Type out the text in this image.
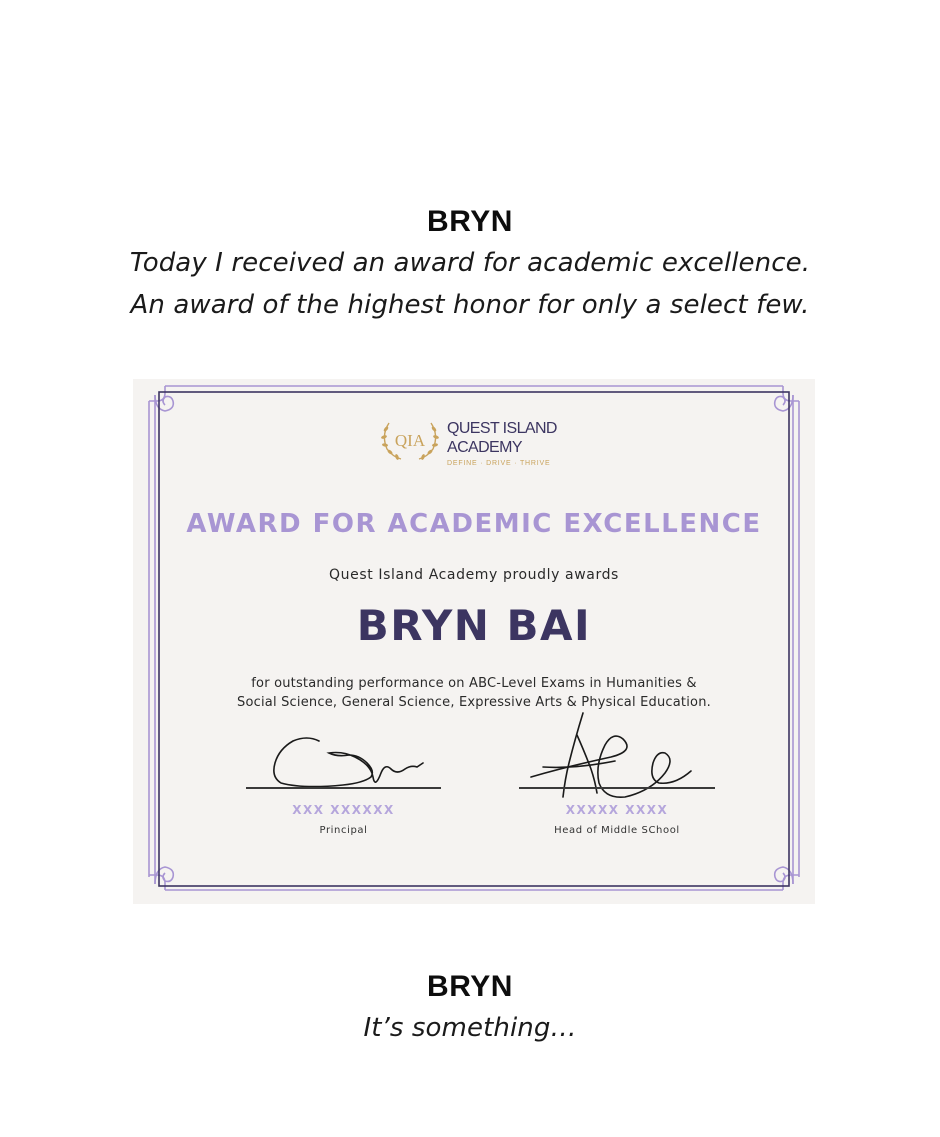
BRYN
Today I received an award for academic excellence.
An award of the highest honor for only a select few.
QIA
QUEST ISLAND
ACADEMY
DEFINE · DRIVE · THRIVE
AWARD FOR ACADEMIC EXCELLENCE
Quest Island Academy proudly awards
BRYN BAI
for outstanding performance on ABC-Level Exams in Humanities &
Social Science, General Science, Expressive Arts & Physical Education.
XXX XXXXXX
Principal
XXXXX XXXX
Head of Middle SChool
BRYN
It’s something…
